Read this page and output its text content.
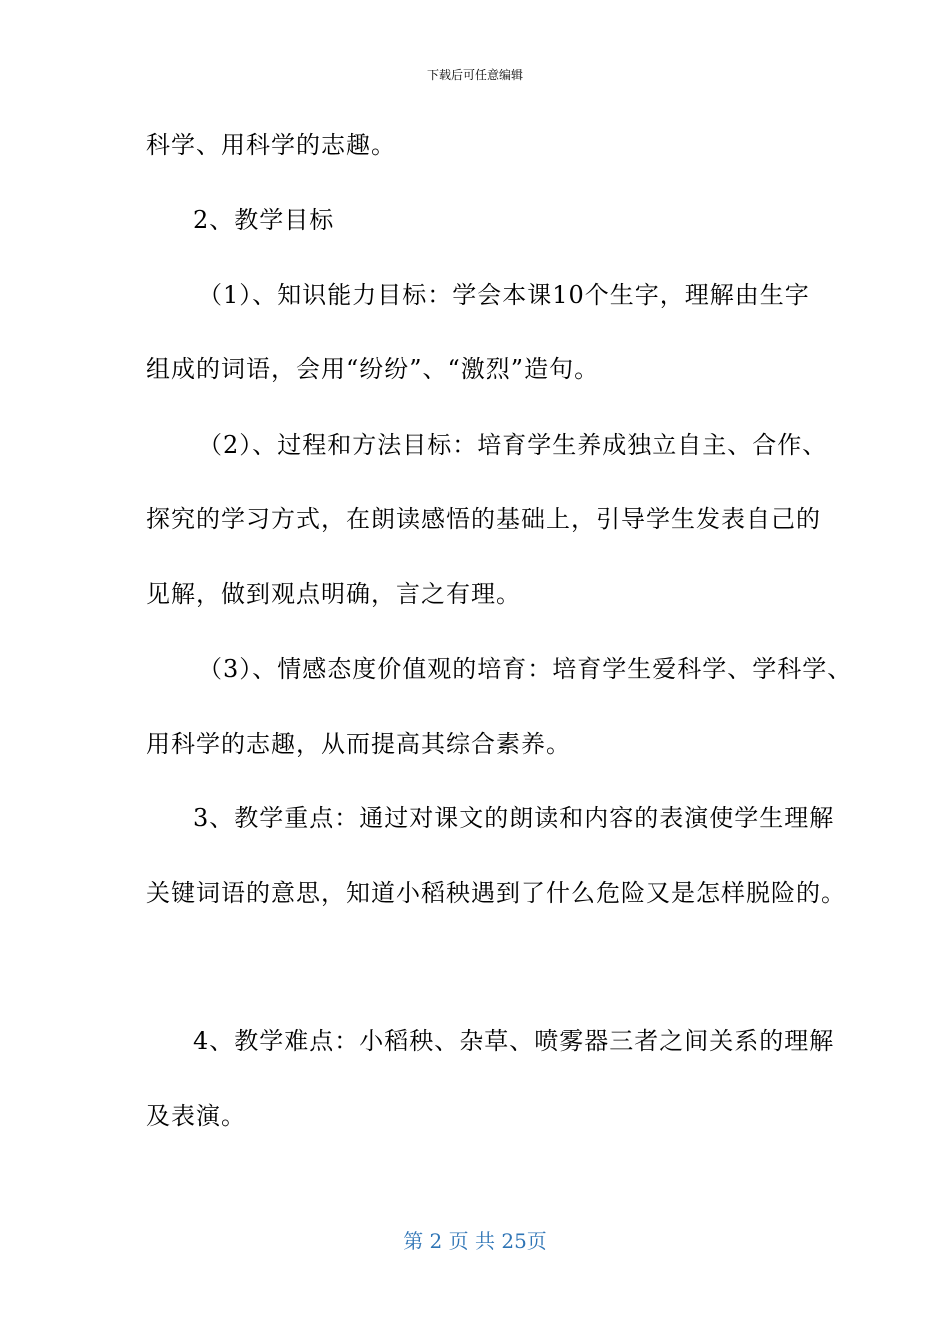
下载后可任意编辑
科学、用科学的志趣。
2、教学目标
（1）、知识能力目标：学会本课10个生字，理解由生字
组成的词语，会用“纷纷”、“激烈”造句。
（2）、过程和方法目标：培育学生养成独立自主、合作、
探究的学习方式，在朗读感悟的基础上，引导学生发表自己的
见解，做到观点明确，言之有理。
（3）、情感态度价值观的培育：培育学生爱科学、学科学、
用科学的志趣，从而提高其综合素养。
3、教学重点：通过对课文的朗读和内容的表演使学生理解
关键词语的意思，知道小稻秧遇到了什么危险又是怎样脱险的。
4、教学难点：小稻秧、杂草、喷雾器三者之间关系的理解
及表演。
第 2 页 共 25页
